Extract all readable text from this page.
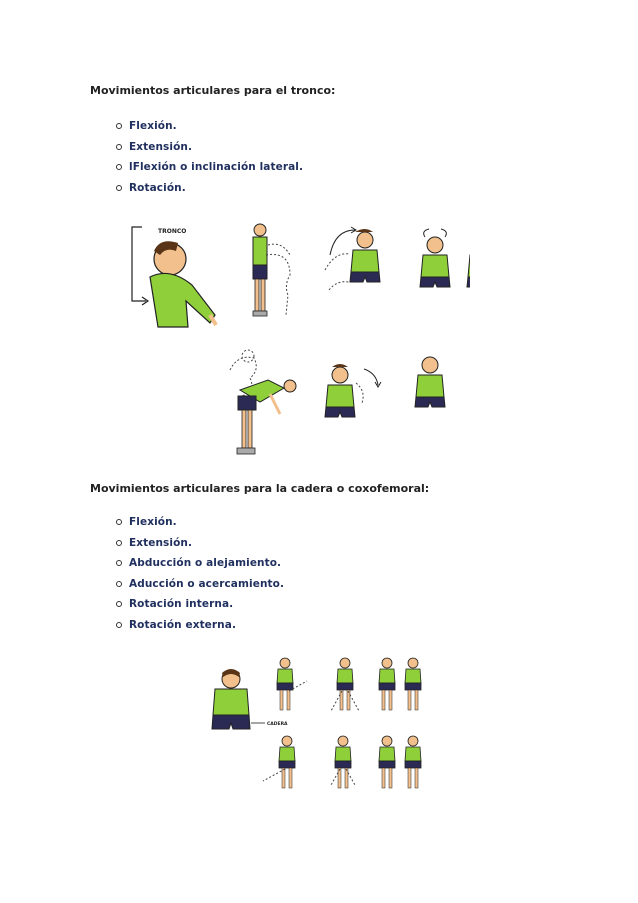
Movimientos articulares para el tronco:
Flexión.
Extensión.
lFlexión o inclinación lateral.
Rotación.
TRONCO
Movimientos articulares para la cadera o coxofemoral:
Flexión.
Extensión.
Abducción o alejamiento.
Aducción o acercamiento.
Rotación interna.
Rotación externa.
CADERA
